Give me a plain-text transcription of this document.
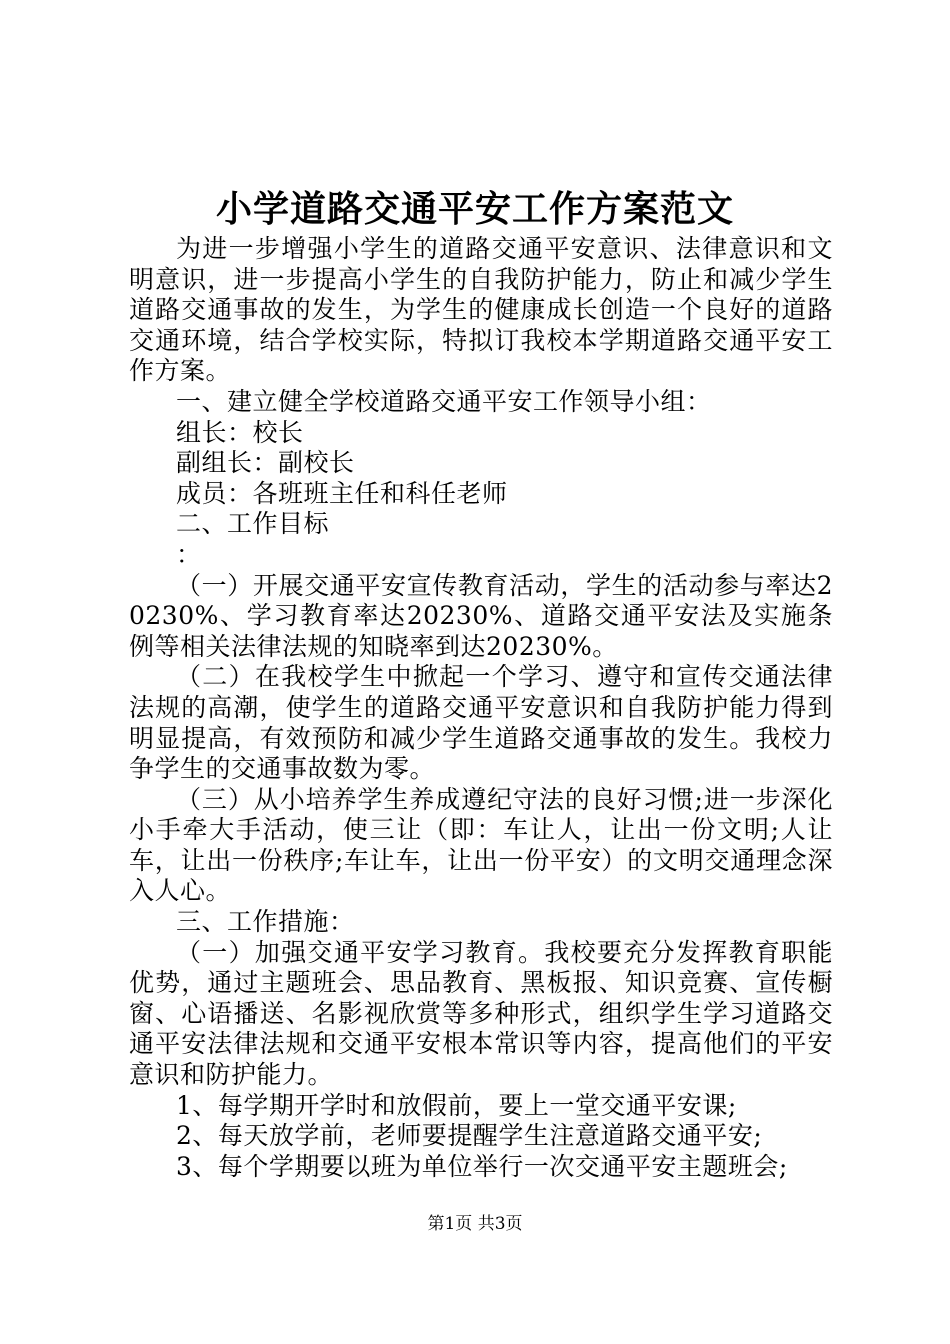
小学道路交通平安工作方案范文

为进一步增强小学生的道路交通平安意识、法律意识和文明意识，进一步提高小学生的自我防护能力，防止和减少学生道路交通事故的发生，为学生的健康成长创造一个良好的道路交通环境，结合学校实际，特拟订我校本学期道路交通平安工作方案。

一、建立健全学校道路交通平安工作领导小组：

组长：校长

副组长：副校长

成员：各班班主任和科任老师

二、工作目标

：

（一）开展交通平安宣传教育活动，学生的活动参与率达20230%、学习教育率达20230%、道路交通平安法及实施条例等相关法律法规的知晓率到达20230%。

（二）在我校学生中掀起一个学习、遵守和宣传交通法律法规的高潮，使学生的道路交通平安意识和自我防护能力得到明显提高，有效预防和减少学生道路交通事故的发生。我校力争学生的交通事故数为零。

（三）从小培养学生养成遵纪守法的良好习惯;进一步深化小手牵大手活动，使三让（即：车让人，让出一份文明;人让车，让出一份秩序;车让车，让出一份平安）的文明交通理念深入人心。

三、工作措施：

（一）加强交通平安学习教育。我校要充分发挥教育职能优势，通过主题班会、思品教育、黑板报、知识竞赛、宣传橱窗、心语播送、名影视欣赏等多种形式，组织学生学习道路交通平安法律法规和交通平安根本常识等内容，提高他们的平安意识和防护能力。

1、每学期开学时和放假前，要上一堂交通平安课;

2、每天放学前，老师要提醒学生注意道路交通平安;

3、每个学期要以班为单位举行一次交通平安主题班会;

第1页 共3页
